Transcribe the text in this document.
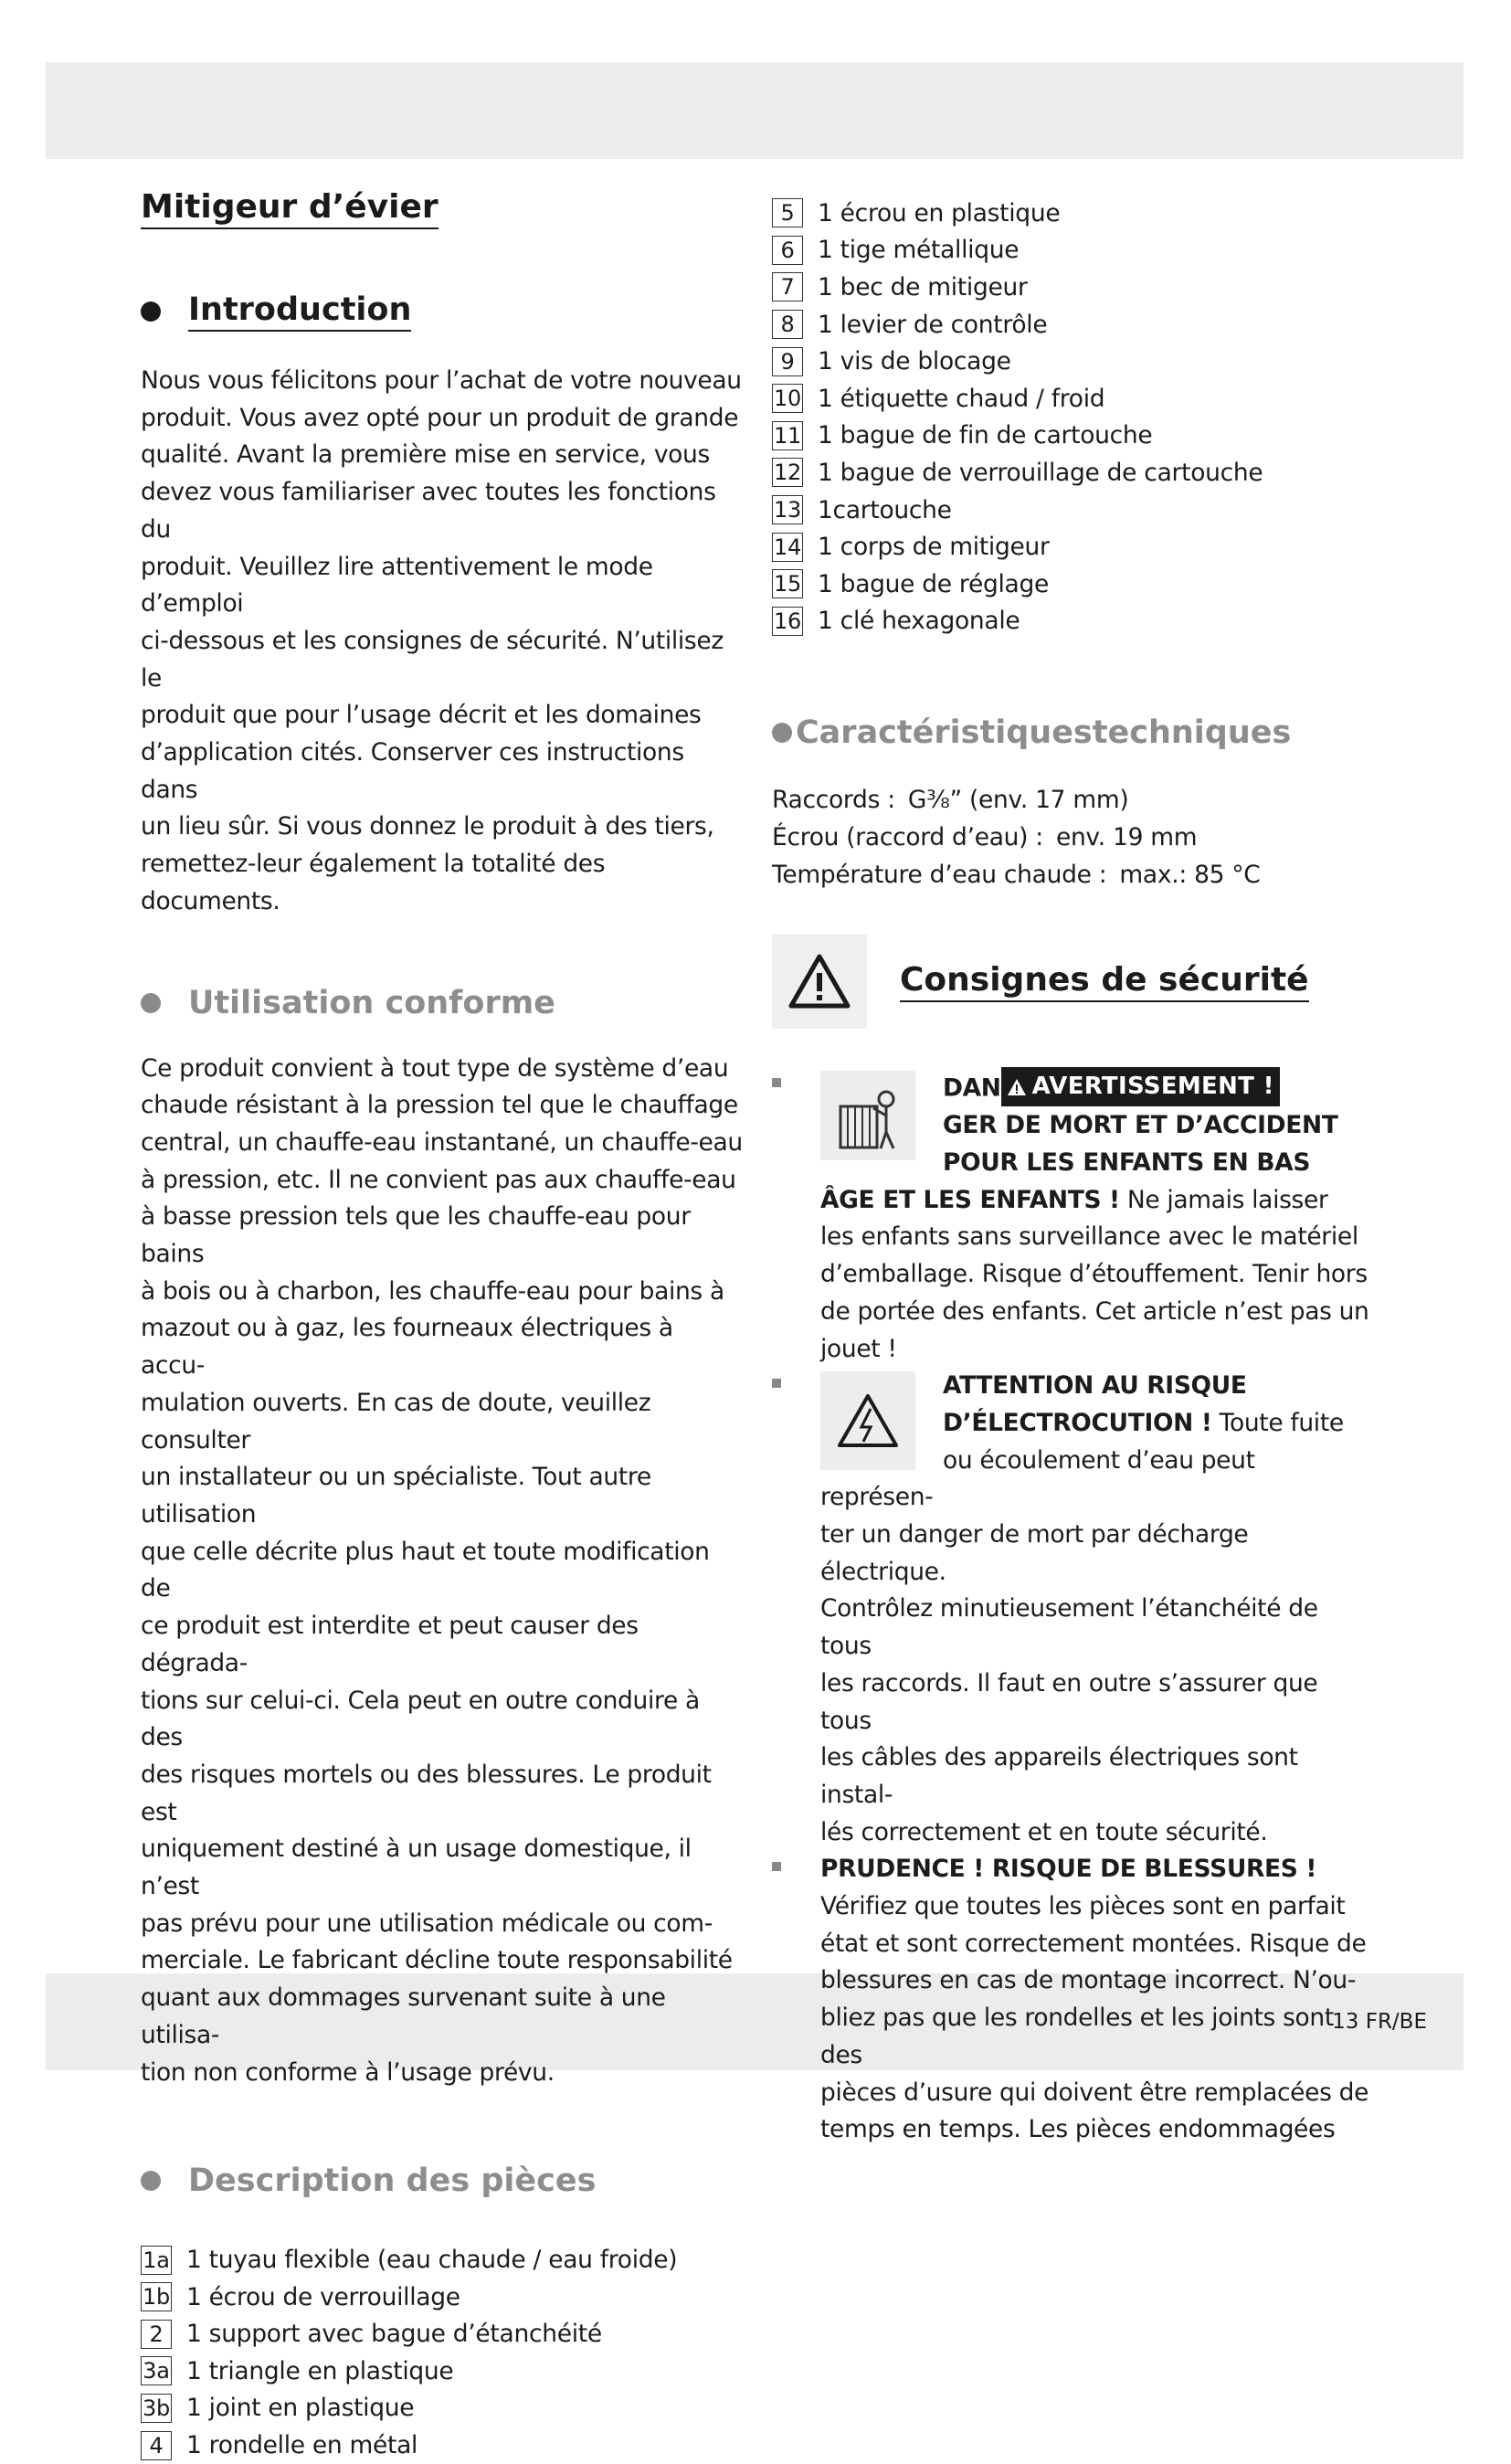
13 FR/BE
Mitigeur d’évier
Introduction

Nous vous félicitons pour l’achat de votre nouveau
produit. Vous avez opté pour un produit de grande
qualité. Avant la première mise en service, vous
devez vous familiariser avec toutes les fonctions du
produit. Veuillez lire attentivement le mode d’emploi
ci-dessous et les consignes de sécurité. N’utilisez le
produit que pour l’usage décrit et les domaines
d’application cités. Conserver ces instructions dans
un lieu sûr. Si vous donnez le produit à des tiers,
remettez-leur également la totalité des documents.

Utilisation conforme

Ce produit convient à tout type de système d’eau
chaude résistant à la pression tel que le chauffage
central, un chauffe-eau instantané, un chauffe-eau
à pression, etc. Il ne convient pas aux chauffe-eau
à basse pression tels que les chauffe-eau pour bains
à bois ou à charbon, les chauffe-eau pour bains à
mazout ou à gaz, les fourneaux électriques à accu-
mulation ouverts. En cas de doute, veuillez consulter
un installateur ou un spécialiste. Tout autre utilisation
que celle décrite plus haut et toute modification de
ce produit est interdite et peut causer des dégrada-
tions sur celui-ci. Cela peut en outre conduire à des
des risques mortels ou des blessures. Le produit est
uniquement destiné à un usage domestique, il n’est
pas prévu pour une utilisation médicale ou com-
merciale. Le fabricant décline toute responsabilité
quant aux dommages survenant suite à une utilisa-
tion non conforme à l’usage prévu.

Description des pièces
1a 1 tuyau flexible (eau chaude / eau froide)
1b 1 écrou de verrouillage
2 1 support avec bague d’étanchéité
3a 1 triangle en plastique
3b 1 joint en plastique
4 1 rondelle en métal
5 1 écrou en plastique
6 1 tige métallique
7 1 bec de mitigeur
8 1 levier de contrôle
9 1 vis de blocage
10 1 étiquette chaud / froid
11 1 bague de fin de cartouche
12 1 bague de verrouillage de cartouche
13 1cartouche
14 1 corps de mitigeur
15 1 bague de réglage
16 1 clé hexagonale
Caractéristiquestechniques
Raccords : G⅜” (env. 17 mm)
Écrou (raccord d’eau) : env. 19 mm
Température d’eau chaude : max.: 85 °C
Consignes de sécurité
DAN AVERTISSEMENT !
GER DE MORT ET D’ACCIDENT
POUR LES ENFANTS EN BAS
ÂGE ET LES ENFANTS ! Ne jamais laisser
les enfants sans surveillance avec le matériel
d’emballage. Risque d’étouffement. Tenir hors
de portée des enfants. Cet article n’est pas un
jouet !
ATTENTION AU RISQUE
D’ÉLECTROCUTION ! Toute fuite
ou écoulement d’eau peut représen-
ter un danger de mort par décharge électrique.
Contrôlez minutieusement l’étanchéité de tous
les raccords. Il faut en outre s’assurer que tous
les câbles des appareils électriques sont instal-
lés correctement et en toute sécurité.
PRUDENCE ! RISQUE DE BLESSURES !
Vérifiez que toutes les pièces sont en parfait
état et sont correctement montées. Risque de
blessures en cas de montage incorrect. N’ou-
bliez pas que les rondelles et les joints sont des
pièces d’usure qui doivent être remplacées de
temps en temps. Les pièces endommagées
